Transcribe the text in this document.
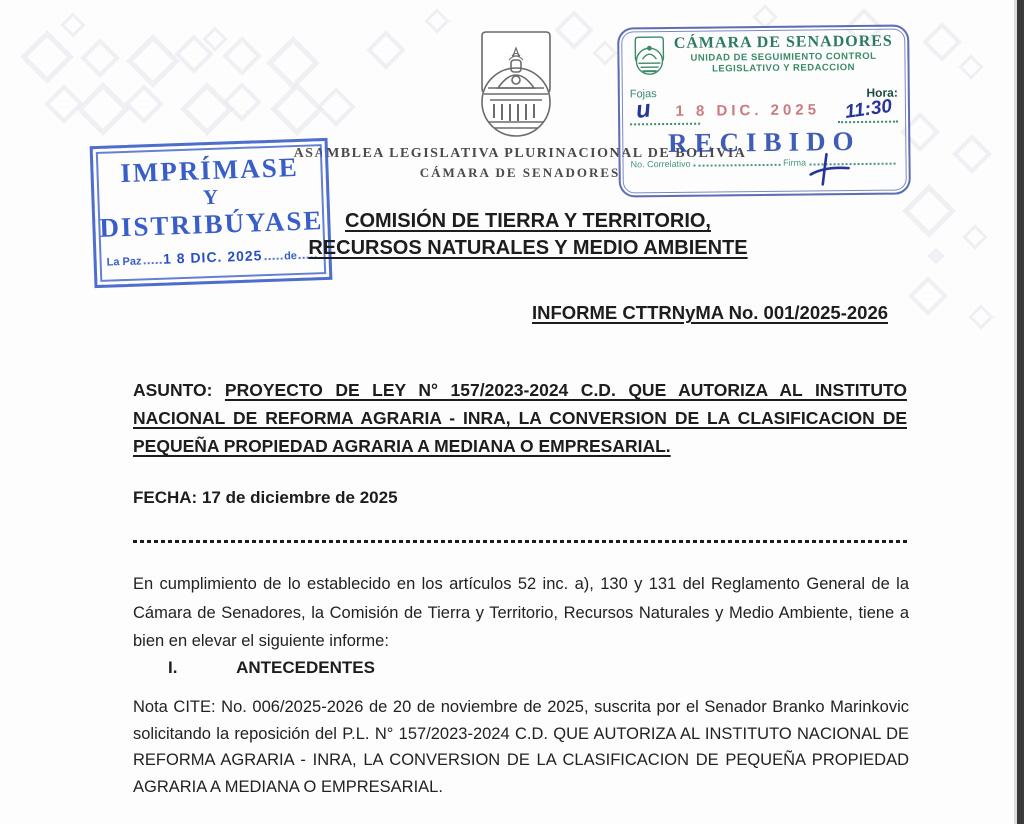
ASAMBLEA LEGISLATIVA PLURINACIONAL DE BOLIVIA
CÁMARA DE SENADORES
IMPRÍMASE
Y
DISTRIBÚYASE
La Paz 1 8 DIC. 2025 de
CÁMARA DE SENADORES
UNIDAD DE SEGUIMIENTO CONTROL
LEGISLATIVO Y REDACCION
Fojas	Hora:
u	1 8 DIC. 2025	11:30
RECIBIDO
No. Correlativo	Firma
COMISIÓN DE TIERRA Y TERRITORIO,
RECURSOS NATURALES Y MEDIO AMBIENTE
INFORME CTTRNyMA No. 001/2025-2026
ASUNTO: PROYECTO DE LEY N° 157/2023-2024 C.D. QUE AUTORIZA AL INSTITUTO NACIONAL DE REFORMA AGRARIA - INRA, LA CONVERSION DE LA CLASIFICACION DE PEQUEÑA PROPIEDAD AGRARIA A MEDIANA O EMPRESARIAL.
FECHA: 17 de diciembre de 2025
En cumplimiento de lo establecido en los artículos 52 inc. a), 130 y 131 del Reglamento General de la Cámara de Senadores, la Comisión de Tierra y Territorio, Recursos Naturales y Medio Ambiente, tiene a bien en elevar el siguiente informe:
I.	ANTECEDENTES
Nota CITE: No. 006/2025-2026 de 20 de noviembre de 2025, suscrita por el Senador Branko Marinkovic solicitando la reposición del P.L. N° 157/2023-2024 C.D. QUE AUTORIZA AL INSTITUTO NACIONAL DE REFORMA AGRARIA - INRA, LA CONVERSION DE LA CLASIFICACION DE PEQUEÑA PROPIEDAD AGRARIA A MEDIANA O EMPRESARIAL.
